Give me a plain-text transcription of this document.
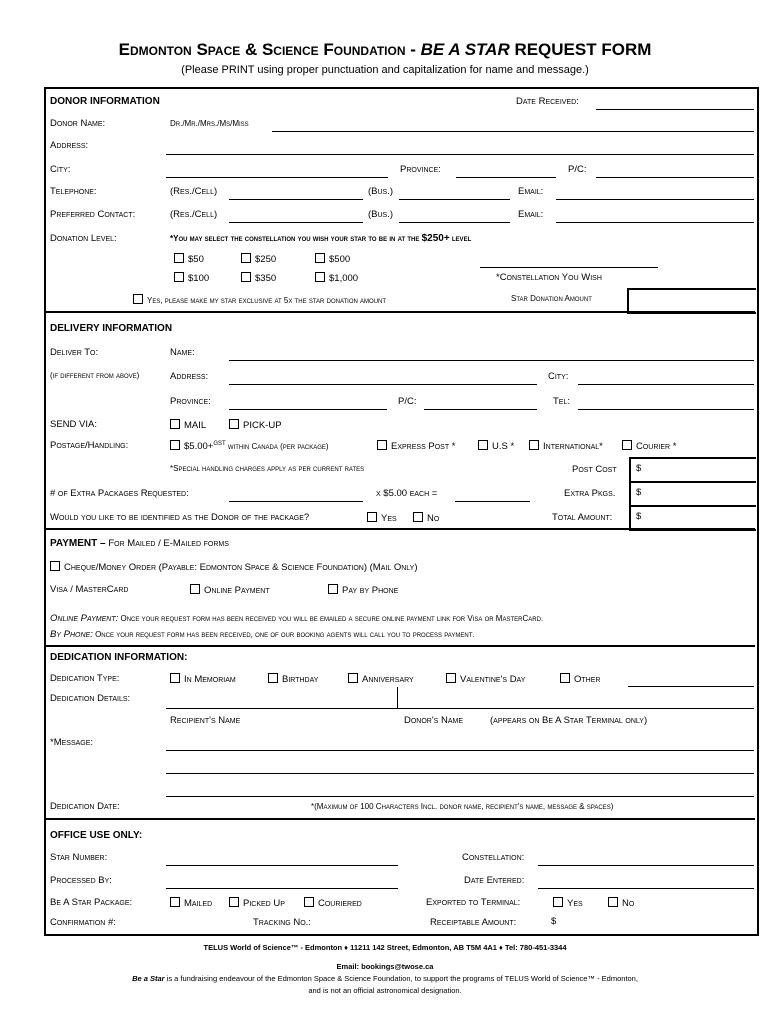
Edmonton Space & Science Foundation - BE A STAR REQUEST FORM
(Please PRINT using proper punctuation and capitalization for name and message.)
DONOR INFORMATION	Date Received:
Donor Name:	Dr./Mr./Mrs./Ms/Miss
Address:
City:	Province:	P/C:
Telephone:	(Res./Cell)	(Bus.)	Email:
Preferred Contact:	(Res./Cell)	(Bus.)	Email:
Donation Level:	*You may select the constellation you wish your star to be in at the $250+ level
$50	$250	$500
$100	$350	$1,000	*Constellation You Wish
Yes, please make my star exclusive at 5x the star donation amount	Star Donation Amount
DELIVERY INFORMATION
Deliver To:	Name:
(if different from above)	Address:	City:
Province:	P/C:	Tel:
SEND VIA:	MAIL	PICK-UP
Postage/Handling:	$5.00+$^{GST}$ within Canada (per package)	Express Post *	U.S *	International*	Courier *
*Special handling charges apply as per current rates	Post Cost $
# of Extra Packages Requested:	x $5.00 each =	Extra Pkgs. $
Would you like to be identified as the Donor of the package?	Yes	No	Total Amount: $
PAYMENT – For Mailed / E-Mailed forms
Cheque/Money Order (Payable: Edmonton Space & Science Foundation) (Mail Only)
Visa / MasterCard	Online Payment	Pay by Phone
Online Payment: Once your request form has been received you will be emailed a secure online payment link for Visa or MasterCard.
By Phone: Once your request form has been received, one of our booking agents will call you to process payment.
DEDICATION INFORMATION:
Dedication Type:	In Memoriam	Birthday	Anniversary	Valentine's Day	Other
Dedication Details:
Recipient's Name	Donor's Name	(appears on Be A Star Terminal only)
*Message:
Dedication Date:	*(Maximum of 100 Characters Incl. donor name, recipient's name, message & spaces)
OFFICE USE ONLY:
Star Number:	Constellation:
Processed By:	Date Entered:
Be A Star Package:	Mailed	Picked Up	Couriered	Exported to Terminal:	Yes	No
Confirmation #:	Tracking No.:	Receiptable Amount:	$
TELUS World of Science™ - Edmonton ♦ 11211 142 Street, Edmonton, AB T5M 4A1 ♦ Tel: 780-451-3344
Email: bookings@twose.ca
Be a Star is a fundraising endeavour of the Edmonton Space & Science Foundation, to support the programs of TELUS World of Science™ - Edmonton,
and is not an official astronomical designation.
